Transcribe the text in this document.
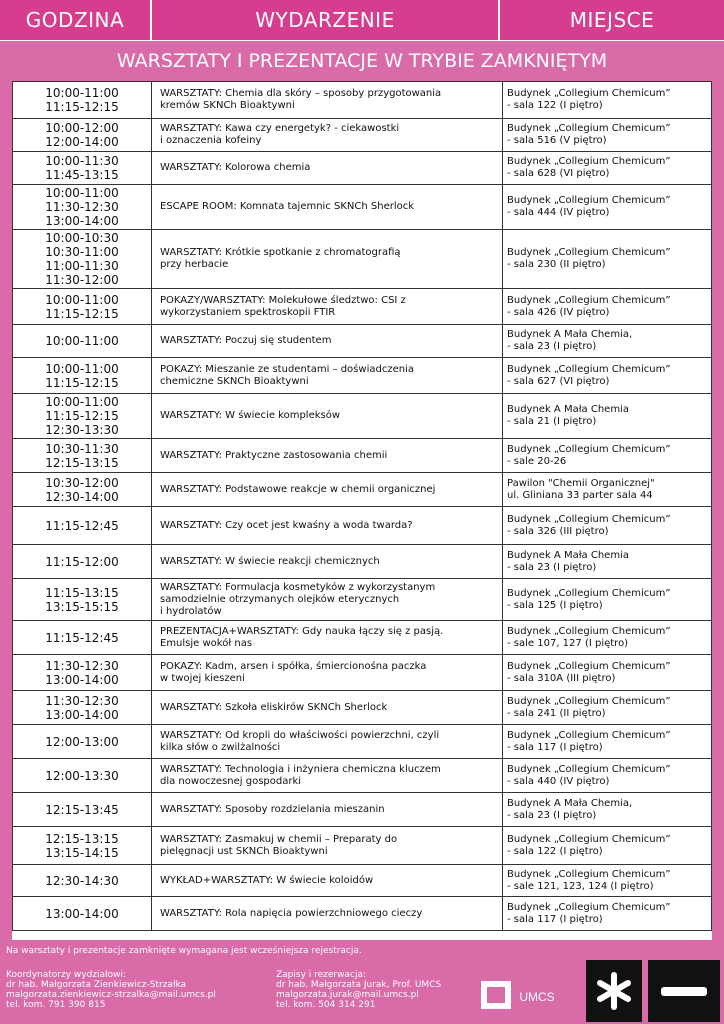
GODZINA	WYDARZENIE	MIEJSCE
WARSZTATY I PREZENTACJE W TRYBIE ZAMKNIĘTYM
10:00-11:00
11:15-12:15	WARSZTATY: Chemia dla skóry – sposoby przygotowania
kremów SKNCh Bioaktywni	Budynek „Collegium Chemicum”
- sala 122 (I piętro)

10:00-12:00
12:00-14:00	WARSZTATY: Kawa czy energetyk? - ciekawostki
i oznaczenia kofeiny	Budynek „Collegium Chemicum”
- sala 516 (V piętro)

10:00-11:30
11:45-13:15	WARSZTATY: Kolorowa chemia	Budynek „Collegium Chemicum”
- sala 628 (VI piętro)

10:00-11:00
11:30-12:30
13:00-14:00	ESCAPE ROOM: Komnata tajemnic SKNCh Sherlock	Budynek „Collegium Chemicum”
- sala 444 (IV piętro)

10:00-10:30
10:30-11:00
11:00-11:30
11:30-12:00	WARSZTATY: Krótkie spotkanie z chromatografią
przy herbacie	Budynek „Collegium Chemicum”
- sala 230 (II piętro)

10:00-11:00
11:15-12:15	POKAZY/WARSZTATY: Molekułowe śledztwo: CSI z
wykorzystaniem spektroskopii FTIR	Budynek „Collegium Chemicum”
- sala 426 (IV piętro)

10:00-11:00	WARSZTATY: Poczuj się studentem	Budynek A Mała Chemia,
- sala 23 (I piętro)

10:00-11:00
11:15-12:15	POKAZY: Mieszanie ze studentami – doświadczenia
chemiczne SKNCh Bioaktywni	Budynek „Collegium Chemicum”
- sala 627 (VI piętro)

10:00-11:00
11:15-12:15
12:30-13:30	WARSZTATY: W świecie kompleksów	Budynek A Mała Chemia
- sala 21 (I piętro)

10:30-11:30
12:15-13:15	WARSZTATY: Praktyczne zastosowania chemii	Budynek „Collegium Chemicum”
- sale 20-26

10:30-12:00
12:30-14:00	WARSZTATY: Podstawowe reakcje w chemii organicznej	Pawilon "Chemii Organicznej"
ul. Gliniana 33 parter sala 44

11:15-12:45	WARSZTATY: Czy ocet jest kwaśny a woda twarda?	Budynek „Collegium Chemicum”
- sala 326 (III piętro)

11:15-12:00	WARSZTATY: W świecie reakcji chemicznych	Budynek A Mała Chemia
- sala 23 (I piętro)

11:15-13:15
13:15-15:15	WARSZTATY: Formulacja kosmetyków z wykorzystanym
samodzielnie otrzymanych olejków eterycznych
i hydrolatów	Budynek „Collegium Chemicum”
- sala 125 (I piętro)

11:15-12:45	PREZENTACJA+WARSZTATY: Gdy nauka łączy się z pasją.
Emulsje wokół nas	Budynek „Collegium Chemicum”
- sale 107, 127 (I piętro)

11:30-12:30
13:00-14:00	POKAZY: Kadm, arsen i spółka, śmiercionośna paczka
w twojej kieszeni	Budynek „Collegium Chemicum”
- sala 310A (III piętro)

11:30-12:30
13:00-14:00	WARSZTATY: Szkoła eliskirów SKNCh Sherlock	Budynek „Collegium Chemicum”
- sala 241 (II piętro)

12:00-13:00	WARSZTATY: Od kropli do właściwości powierzchni, czyli
kilka słów o zwilżalności	Budynek „Collegium Chemicum”
- sala 117 (I piętro)

12:00-13:30	WARSZTATY: Technologia i inżyniera chemiczna kluczem
dla nowoczesnej gospodarki	Budynek „Collegium Chemicum”
- sala 440 (IV piętro)

12:15-13:45	WARSZTATY: Sposoby rozdzielania mieszanin	Budynek A Mała Chemia,
- sala 23 (I piętro)

12:15-13:15
13:15-14:15	WARSZTATY: Zasmakuj w chemii – Preparaty do
pielęgnacji ust SKNCh Bioaktywni	Budynek „Collegium Chemicum”
- sala 122 (I piętro)

12:30-14:30	WYKŁAD+WARSZTATY: W świecie koloidów	Budynek „Collegium Chemicum”
- sale 121, 123, 124 (I piętro)

13:00-14:00	WARSZTATY: Rola napięcia powierzchniowego cieczy	Budynek „Collegium Chemicum”
- sala 117 (I piętro)
Na warsztaty i prezentacje zamknięte wymagana jest wcześniejsza rejestracja.
Koordynatorzy wydziałowi:
dr hab. Małgorzata Zienkiewicz-Strzałka
malgorzata.zienkiewicz-strzalka@mail.umcs.pl
tel. kom. 791 390 815
Zapisy i rezerwacja:
dr hab. Małgorzata Jurak, Prof. UMCS
malgorzata.jurak@mail.umcs.pl
tel. kom. 504 314 291
UMCS
